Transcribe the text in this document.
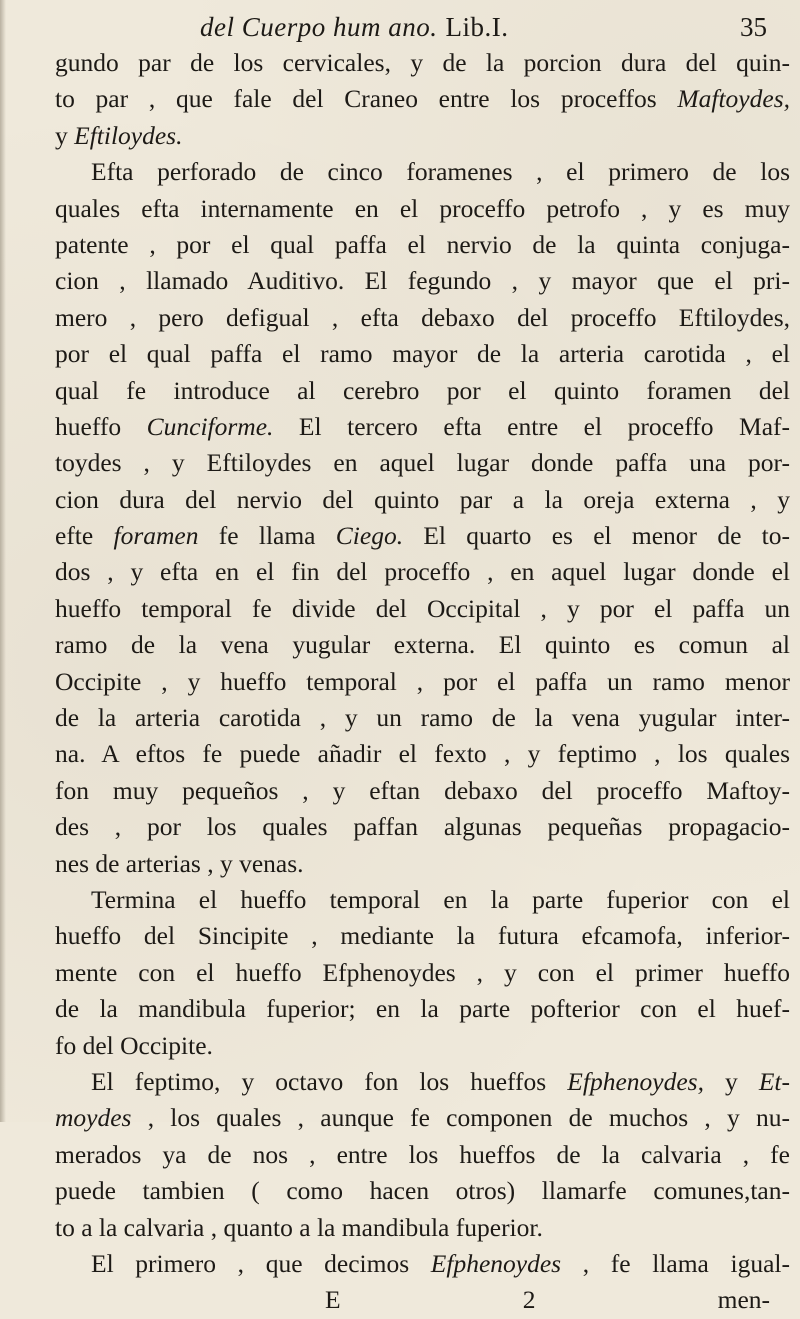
del Cuerpo hum ano. Lib.I.	35
gundo par de los cervicales, y de la porcion dura del quin-
to par , que fale del Craneo entre los proceffos Maftoydes,
y Eftiloydes.
Efta perforado de cinco foramenes , el primero de los
quales efta internamente en el proceffo petrofo , y es muy
patente , por el qual paffa el nervio de la quinta conjuga-
cion , llamado Auditivo. El fegundo , y mayor que el pri-
mero , pero defigual , efta debaxo del proceffo Eftiloydes,
por el qual paffa el ramo mayor de la arteria carotida , el
qual fe introduce al cerebro por el quinto foramen del
hueffo Cunciforme. El tercero efta entre el proceffo Maf-
toydes , y Eftiloydes en aquel lugar donde paffa una por-
cion dura del nervio del quinto par a la oreja externa , y
efte foramen fe llama Ciego. El quarto es el menor de to-
dos , y efta en el fin del proceffo , en aquel lugar donde el
hueffo temporal fe divide del Occipital , y por el paffa un
ramo de la vena yugular externa. El quinto es comun al
Occipite , y hueffo temporal , por el paffa un ramo menor
de la arteria carotida , y un ramo de la vena yugular inter-
na. A eftos fe puede añadir el fexto , y feptimo , los quales
fon muy pequeños , y eftan debaxo del proceffo Maftoy-
des , por los quales paffan algunas pequeñas propagacio-
nes de arterias , y venas.
Termina el hueffo temporal en la parte fuperior con el
hueffo del Sincipite , mediante la futura efcamofa, inferior-
mente con el hueffo Efphenoydes , y con el primer hueffo
de la mandibula fuperior; en la parte pofterior con el huef-
fo del Occipite.
El feptimo, y octavo fon los hueffos Efphenoydes, y Et-
moydes , los quales , aunque fe componen de muchos , y nu-
merados ya de nos , entre los hueffos de la calvaria , fe
puede tambien ( como hacen otros) llamarfe comunes,tan-
to a la calvaria , quanto a la mandibula fuperior.
El primero , que decimos Efphenoydes , fe llama igual-
E 2	men-
